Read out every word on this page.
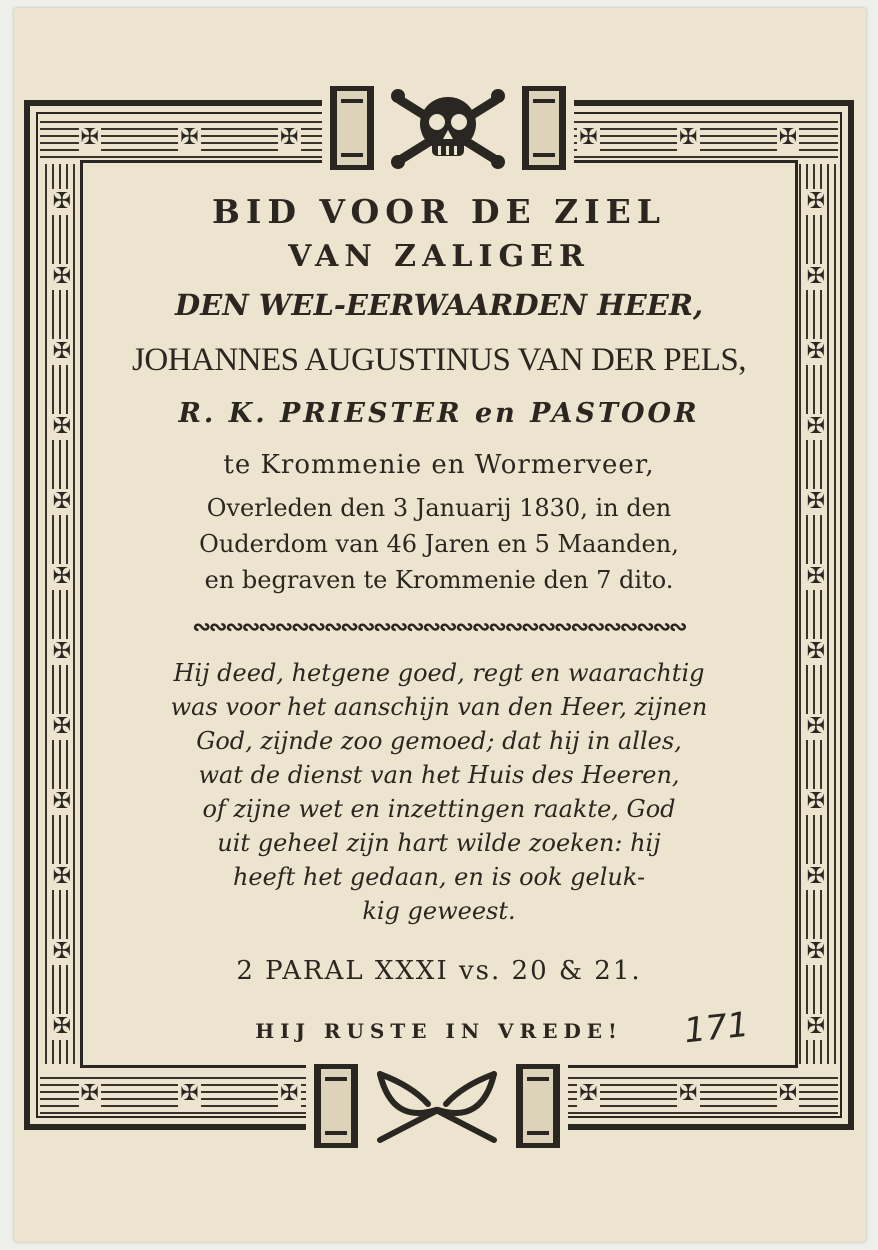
✠	✠	✠	✠	✠	✠
✠	✠	✠	✠	✠	✠
✠
✠
✠
✠
✠
✠
✠
✠
✠
✠
✠
✠
✠
✠
✠
✠
✠
✠
✠
✠
✠
✠
✠
✠

BID VOOR DE ZIEL

VAN ZALIGER

DEN WEL-EERWAARDEN HEER,

JOHANNES AUGUSTINUS VAN DER PELS,

R. K. PRIESTER en PASTOOR

te Krommenie en Wormerveer,

Overleden den 3 Januarij 1830, in den

Ouderdom van 46 Jaren en 5 Maanden,

en begraven te Krommenie den 7 dito.

∾∾∾∾∾∾∾∾∾∾∾∾∾∾∾∾∾∾∾∾∾∾∾∾∾∾∾∾∾∾

Hij deed, hetgene goed, regt en waarachtig

was voor het aanschijn van den Heer, zijnen

God, zijnde zoo gemoed; dat hij in alles,

wat de dienst van het Huis des Heeren,

of zijne wet en inzettingen raakte, God

uit geheel zijn hart wilde zoeken: hij

heeft het gedaan, en is ook geluk-

kig geweest.

2 PARAL XXXI vs. 20 & 21.

HIJ RUSTE IN VREDE!	171
